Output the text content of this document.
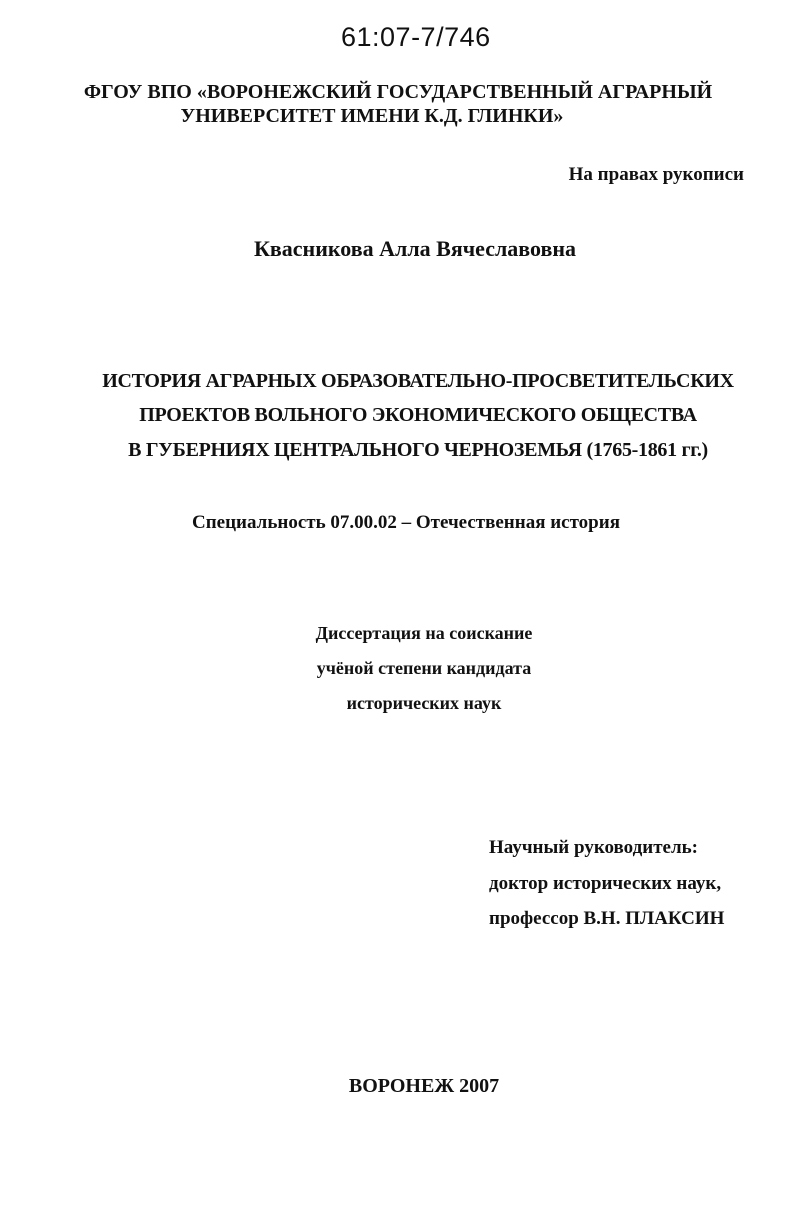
61:07-7/746
ФГОУ ВПО «ВОРОНЕЖСКИЙ ГОСУДАРСТВЕННЫЙ АГРАРНЫЙ
УНИВЕРСИТЕТ ИМЕНИ К.Д. ГЛИНКИ»
На правах рукописи
Квасникова Алла Вячеславовна
ИСТОРИЯ АГРАРНЫХ ОБРАЗОВАТЕЛЬНО-ПРОСВЕТИТЕЛЬСКИХ
ПРОЕКТОВ ВОЛЬНОГО ЭКОНОМИЧЕСКОГО ОБЩЕСТВА
В ГУБЕРНИЯХ ЦЕНТРАЛЬНОГО ЧЕРНОЗЕМЬЯ (1765-1861 гг.)
Специальность 07.00.02 – Отечественная история
Диссертация на соискание
учёной степени кандидата
исторических наук
Научный руководитель:
доктор исторических наук,
профессор В.Н. ПЛАКСИН
ВОРОНЕЖ 2007
